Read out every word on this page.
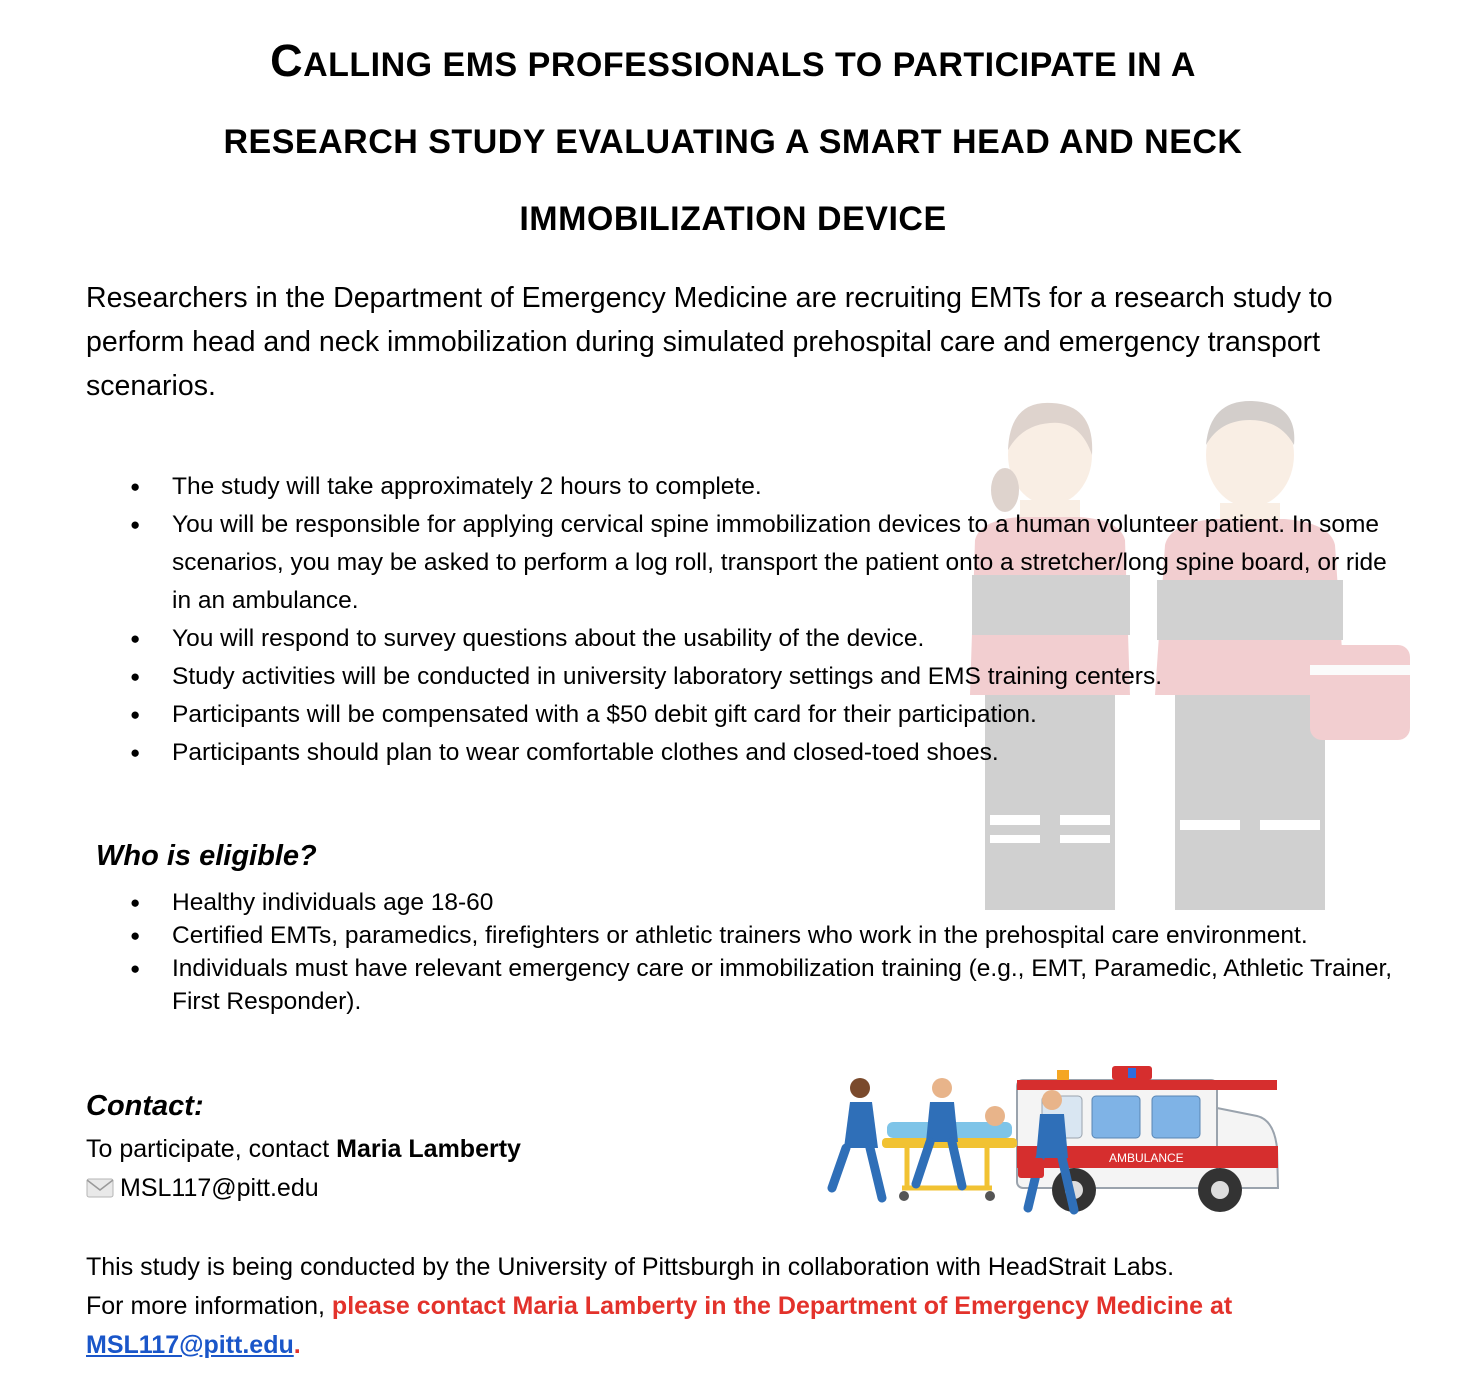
CALLING EMS PROFESSIONALS TO PARTICIPATE IN A
RESEARCH STUDY EVALUATING A SMART HEAD AND NECK
IMMOBILIZATION DEVICE

Researchers in the Department of Emergency Medicine are recruiting EMTs for a research study to perform head and neck immobilization during simulated prehospital care and emergency transport scenarios.

● The study will take approximately 2 hours to complete.
● You will be responsible for applying cervical spine immobilization devices to a human volunteer patient. In some scenarios, you may be asked to perform a log roll, transport the patient onto a stretcher/long spine board, or ride in an ambulance.
● You will respond to survey questions about the usability of the device.
● Study activities will be conducted in university laboratory settings and EMS training centers.
● Participants will be compensated with a $50 debit gift card for their participation.
● Participants should plan to wear comfortable clothes and closed-toed shoes.
Who is eligible?
● Healthy individuals age 18-60
● Certified EMTs, paramedics, firefighters or athletic trainers who work in the prehospital care environment.
● Individuals must have relevant emergency care or immobilization training (e.g., EMT, Paramedic, Athletic Trainer, First Responder).
Contact:

To participate, contact Maria Lamberty

MSL117@pitt.edu

AMBULANCE
This study is being conducted by the University of Pittsburgh in collaboration with HeadStrait Labs.
For more information, please contact Maria Lamberty in the Department of Emergency Medicine at MSL117@pitt.edu.
